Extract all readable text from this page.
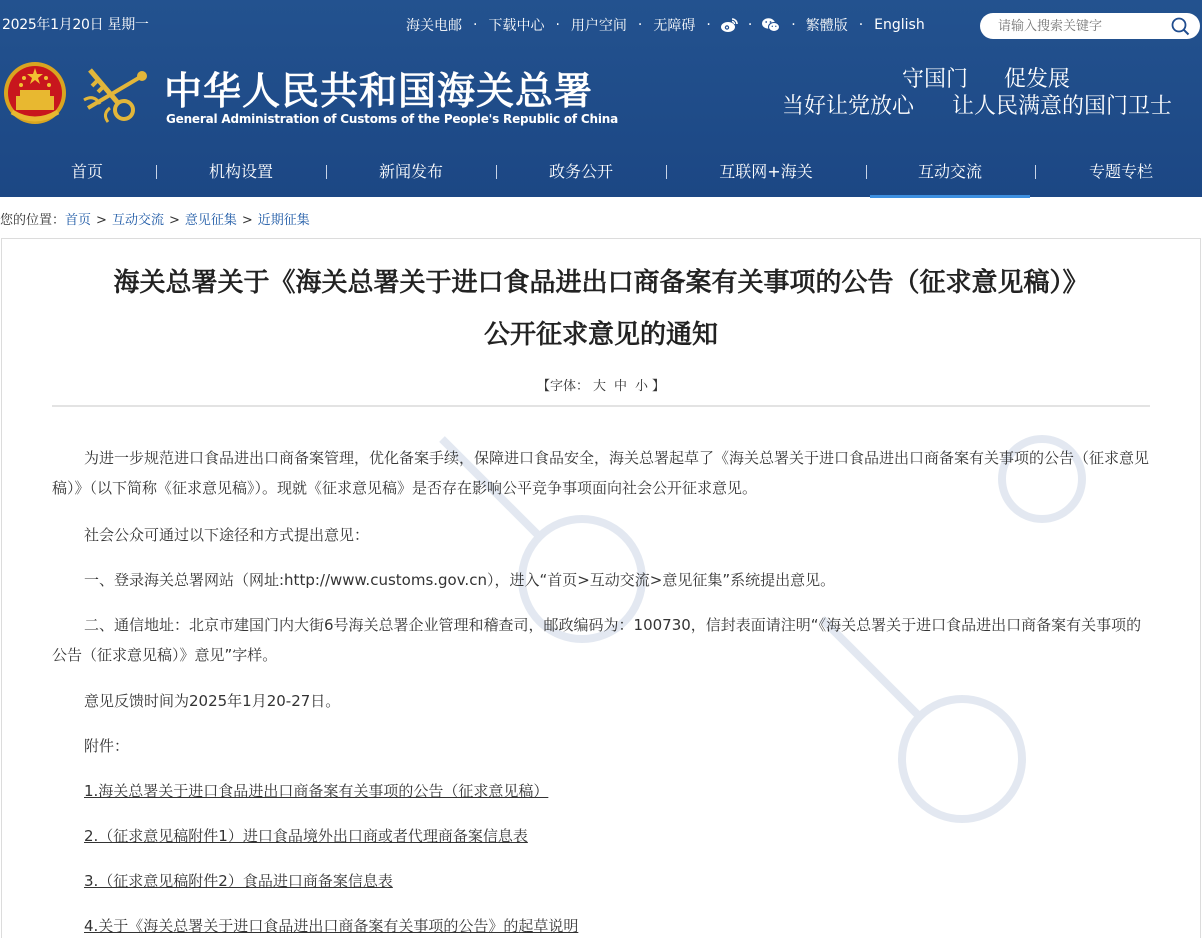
2025年1月20日 星期一	海关电邮 · 下载中心 · 用户空间 · 无障碍 ·	·	· 繁體版 · English
请输入搜索关键字
中华人民共和国海关总署
General Administration of Customs of the People's Republic of China
守国门 促发展
当好让党放心 让人民满意的国门卫士
首页	机构设置	新闻发布	政务公开	互联网+海关	互动交流	专题专栏
您的位置：首页 > 互动交流 > 意见征集 > 近期征集
海关总署关于《海关总署关于进口食品进出口商备案有关事项的公告（征求意见稿）》
公开征求意见的通知
【字体： 大 中 小 】

为进一步规范进口食品进出口商备案管理，优化备案手续，保障进口食品安全，海关总署起草了《海关总署关于进口食品进出口商备案有关事项的公告（征求意见稿）》（以下简称《征求意见稿》）。现就《征求意见稿》是否存在影响公平竞争事项面向社会公开征求意见。

社会公众可通过以下途径和方式提出意见：

一、登录海关总署网站（网址:http://www.customs.gov.cn），进入“首页>互动交流>意见征集”系统提出意见。

二、通信地址：北京市建国门内大街6号海关总署企业管理和稽查司，邮政编码为：100730，信封表面请注明“《海关总署关于进口食品进出口商备案有关事项的公告（征求意见稿）》意见”字样。

意见反馈时间为2025年1月20-27日。

附件：

1.海关总署关于进口食品进出口商备案有关事项的公告（征求意见稿）
2.（征求意见稿附件1）进口食品境外出口商或者代理商备案信息表
3.（征求意见稿附件2）食品进口商备案信息表
4.关于《海关总署关于进口食品进出口商备案有关事项的公告》的起草说明
